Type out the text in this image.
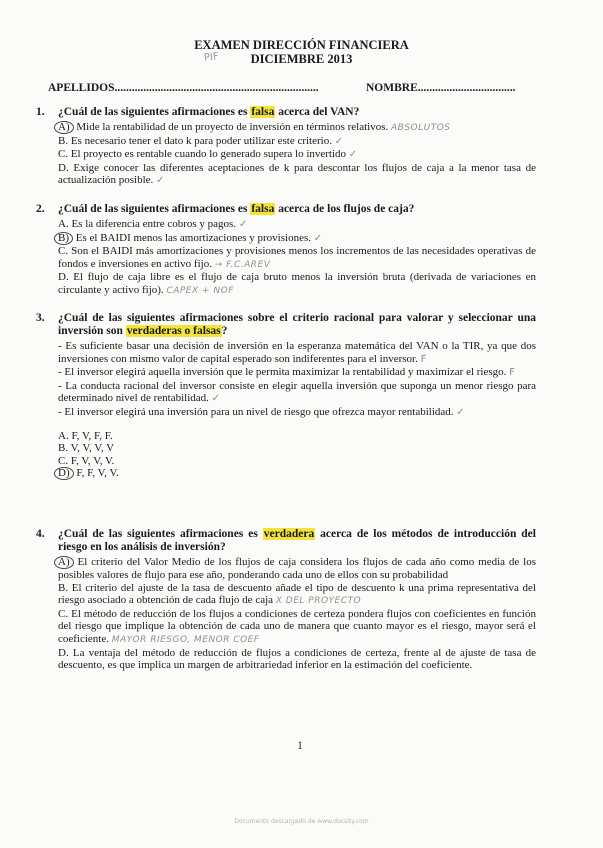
EXAMEN DIRECCIÓN FINANCIERA
DICIEMBRE 2013
PIF
APELLIDOS.......................................................................	NOMBRE..................................
1. ¿Cuál de las siguientes afirmaciones es falsa acerca del VAN?

A) Mide la rentabilidad de un proyecto de inversión en términos relativos. ABSOLUTOS

B. Es necesario tener el dato k para poder utilizar este criterio. ✓

C. El proyecto es rentable cuando lo generado supera lo invertido ✓

D. Exige conocer las diferentes aceptaciones de k para descontar los flujos de caja a la menor tasa de actualización posible. ✓

2. ¿Cuál de las siguientes afirmaciones es falsa acerca de los flujos de caja?

A. Es la diferencia entre cobros y pagos. ✓

B) Es el BAIDI menos las amortizaciones y provisiones. ✓

C. Son el BAIDI más amortizaciones y provisiones menos los incrementos de las necesidades operativas de fondos e inversiones en activo fijo. → F.C.AREV

D. El flujo de caja libre es el flujo de caja bruto menos la inversión bruta (derivada de variaciones en circulante y activo fijo). CAPEX + NOF

3. ¿Cuál de las siguientes afirmaciones sobre el criterio racional para valorar y seleccionar una inversión son verdaderas o falsas?

- Es suficiente basar una decisión de inversión en la esperanza matemática del VAN o la TIR, ya que dos inversiones con mismo valor de capital esperado son indiferentes para el inversor. F

- El inversor elegirá aquella inversión que le permita maximizar la rentabilidad y maximizar el riesgo. F

- La conducta racional del inversor consiste en elegir aquella inversión que suponga un menor riesgo para determinado nivel de rentabilidad. ✓

- El inversor elegirá una inversión para un nivel de riesgo que ofrezca mayor rentabilidad. ✓

A. F, V, F, F.

B. V, V, V, V

C. F, V, V, V.

D) F, F, V, V.

4. ¿Cuál de las siguientes afirmaciones es verdadera acerca de los métodos de introducción del riesgo en los análisis de inversión?

A) El criterio del Valor Medio de los flujos de caja considera los flujos de cada año como media de los posibles valores de flujo para ese año, ponderando cada uno de ellos con su probabilidad

B. El criterio del ajuste de la tasa de descuento añade el tipo de descuento k una prima representativa del riesgo asociado a obtención de cada flujo de caja X DEL PROYECTO

C. El método de reducción de los flujos a condiciones de certeza pondera flujos con coeficientes en función del riesgo que implique la obtención de cada uno de manera que cuanto mayor es el riesgo, mayor será el coeficiente. MAYOR RIESGO, MENOR COEF

D. La ventaja del método de reducción de flujos a condiciones de certeza, frente al de ajuste de tasa de descuento, es que implica un margen de arbitrariedad inferior en la estimación del coeficiente.

1
Documento descargado de www.docsity.com
